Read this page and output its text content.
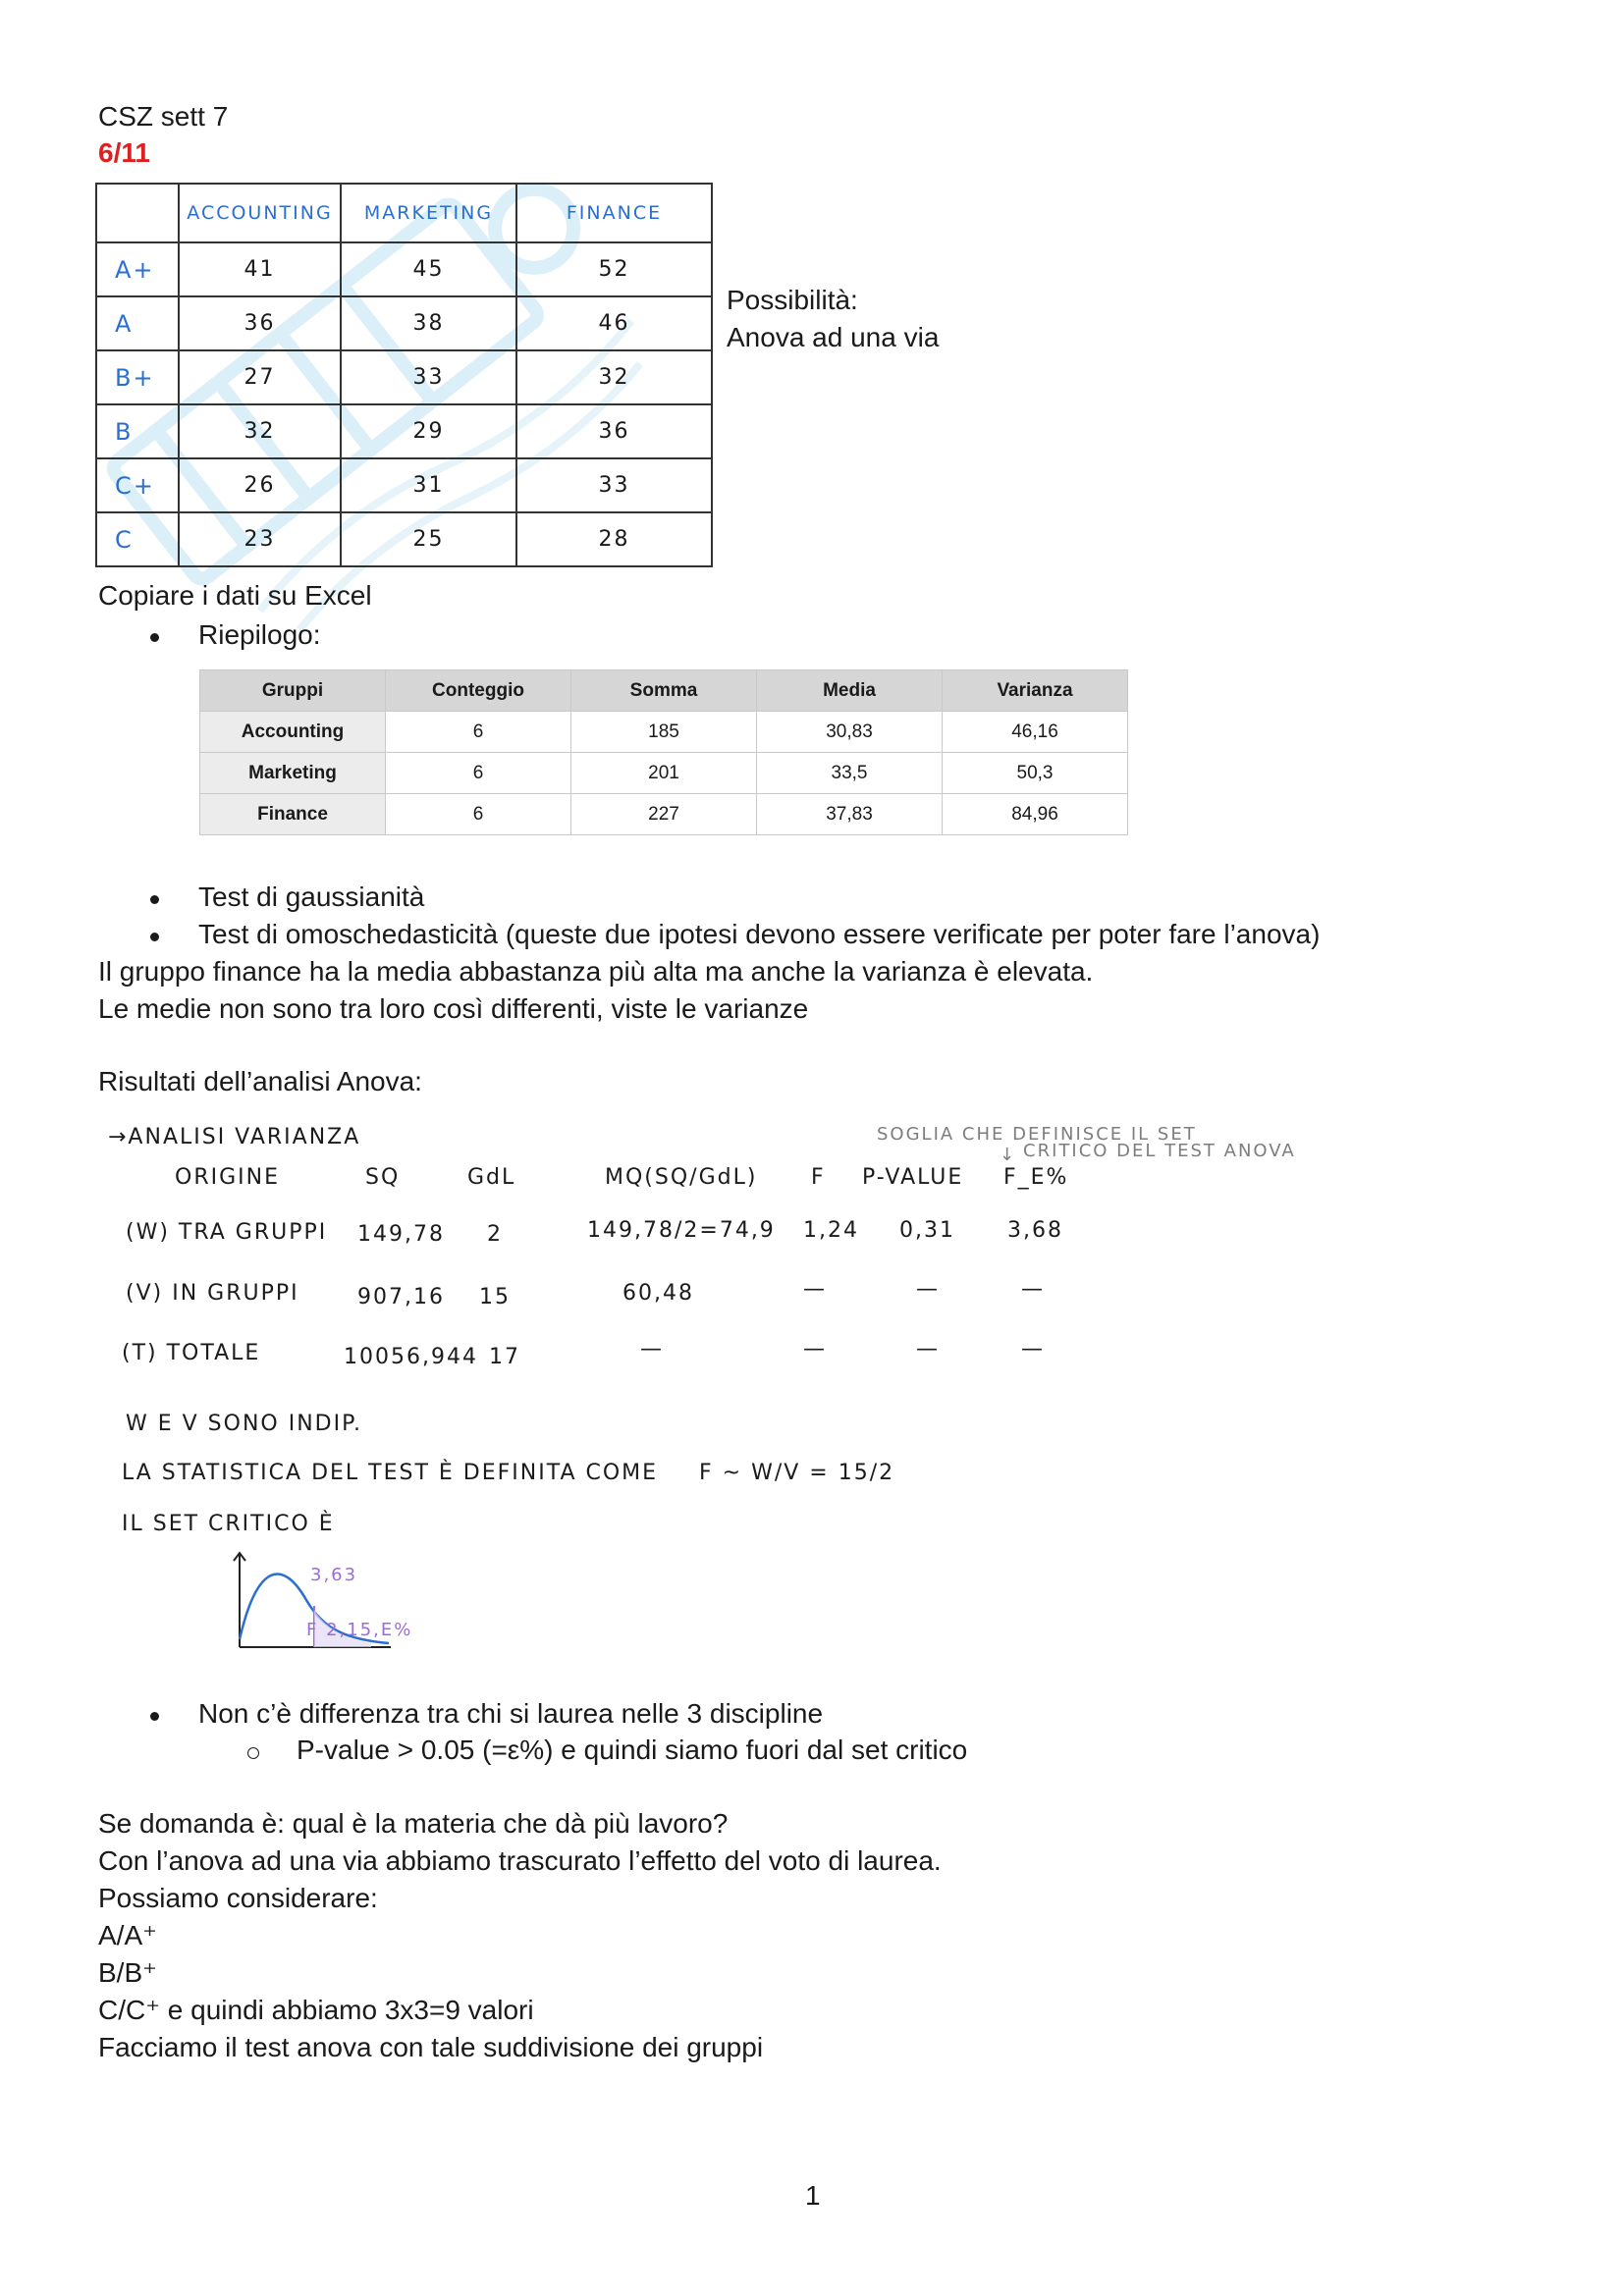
CSZ sett 7
6/11
	ACCOUNTING	MARKETING	FINANCE
A+	41	45	52
A	36	38	46
B+	27	33	32
B	32	29	36
C+	26	31	33
C	23	25	28
Possibilità:
Anova ad una via
Copiare i dati su Excel
Riepilogo:
Gruppi	Conteggio	Somma	Media	Varianza
Accounting	6	185	30,83	46,16
Marketing	6	201	33,5	50,3
Finance	6	227	37,83	84,96
Test di gaussianità
Test di omoschedasticità (queste due ipotesi devono essere verificate per poter fare l’anova)
Il gruppo finance ha la media abbastanza più alta ma anche la varianza è elevata.
Le medie non sono tra loro così differenti, viste le varianze
Risultati dell’analisi Anova:
→ANALISI VARIANZA	SOGLIA CHE DEFINISCE IL SET
CRITICO DEL TEST ANOVA
↓
ORIGINE	SQ	GdL	MQ(SQ/GdL) F P-VALUE F_E%
(W) TRA GRUPPI 149,78 2	149,78/2=74,9 1,24 0,31 3,68
(V) IN GRUPPI	907,16 15	60,48	—	—	—
(T) TOTALE	10056,944 17	—	—	—	—
W E V SONO INDIP.
LA STATISTICA DEL TEST È DEFINITA COME F ~ W/V = 15/2
IL SET CRITICO È
3,63
F 2,15,E%
Non c’è differenza tra chi si laurea nelle 3 discipline
P-value > 0.05 (=ε%) e quindi siamo fuori dal set critico
Se domanda è: qual è la materia che dà più lavoro?
Con l’anova ad una via abbiamo trascurato l’effetto del voto di laurea.
Possiamo considerare:
A/A⁺
B/B⁺
C/C⁺ e quindi abbiamo 3x3=9 valori
Facciamo il test anova con tale suddivisione dei gruppi
1
